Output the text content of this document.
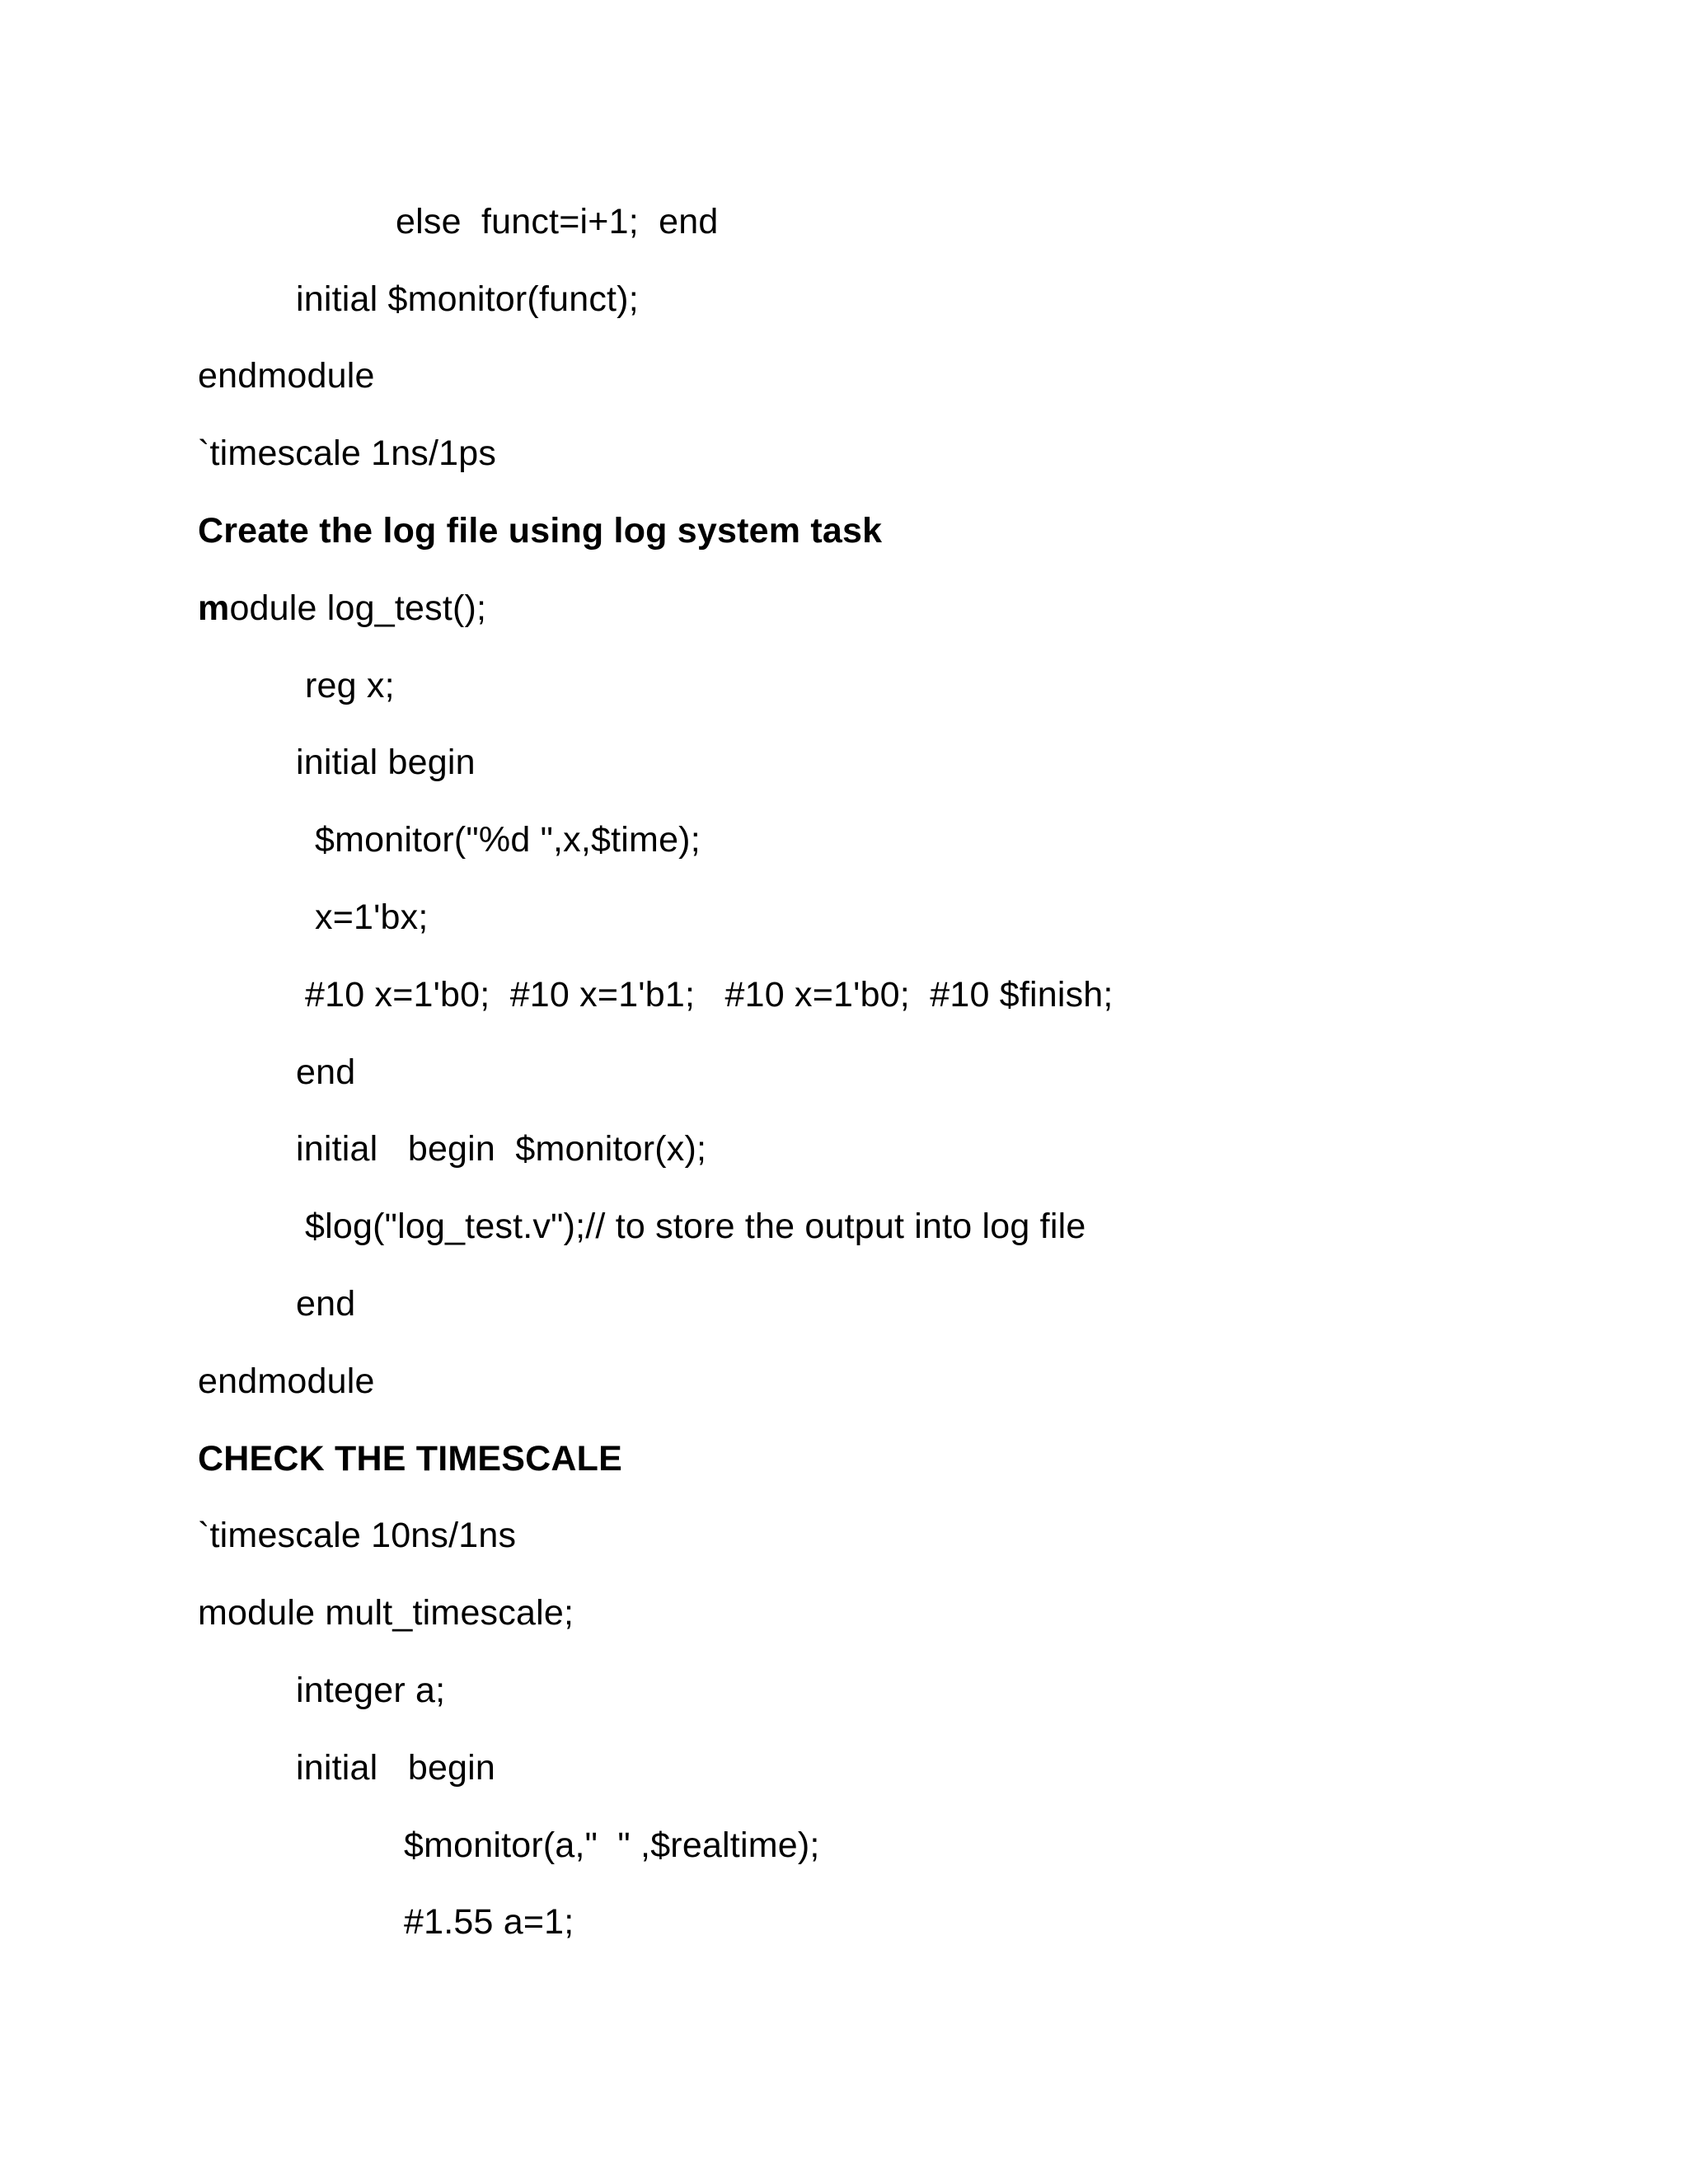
else  funct=i+1;  end
initial $monitor(funct);
endmodule
`timescale 1ns/1ps
Create the log file using log system task
module log_test();
reg x;
initial begin
$monitor("%d ",x,$time);
x=1'bx;
#10 x=1'b0;  #10 x=1'b1;   #10 x=1'b0;  #10 $finish;
end
initial   begin  $monitor(x);
$log("log_test.v");// to store the output into log file
end
endmodule
CHECK THE TIMESCALE
`timescale 10ns/1ns
module mult_timescale;
integer a;
initial   begin
$monitor(a,"  " ,$realtime);
#1.55 a=1;
